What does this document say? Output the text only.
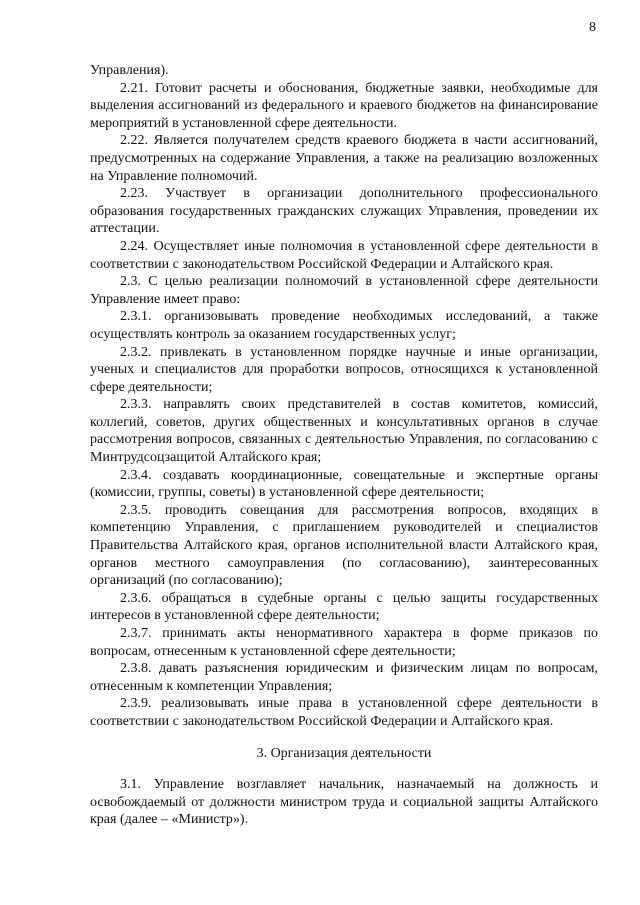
8

Управления).

2.21. Готовит расчеты и обоснования, бюджетные заявки, необходимые для выделения ассигнований из федерального и краевого бюджетов на финансирование мероприятий в установленной сфере деятельности.

2.22. Является получателем средств краевого бюджета в части ассигнований, предусмотренных на содержание Управления, а также на реализацию возложенных на Управление полномочий.

2.23. Участвует в организации дополнительного профессионального образования государственных гражданских служащих Управления, проведении их аттестации.

2.24. Осуществляет иные полномочия в установленной сфере деятельности в соответствии с законодательством Российской Федерации и Алтайского края.

2.3. С целью реализации полномочий в установленной сфере деятельности Управление имеет право:

2.3.1. организовывать проведение необходимых исследований, а также осуществлять контроль за оказанием государственных услуг;

2.3.2. привлекать в установленном порядке научные и иные организации, ученых и специалистов для проработки вопросов, относящихся к установленной сфере деятельности;

2.3.3. направлять своих представителей в состав комитетов, комиссий, коллегий, советов, других общественных и консультативных органов в случае рассмотрения вопросов, связанных с деятельностью Управления, по согласованию с Минтрудсоцзащитой Алтайского края;

2.3.4. создавать координационные, совещательные и экспертные органы (комиссии, группы, советы) в установленной сфере деятельности;

2.3.5. проводить совещания для рассмотрения вопросов, входящих в компетенцию Управления, с приглашением руководителей и специалистов Правительства Алтайского края, органов исполнительной власти Алтайского края, органов местного самоуправления (по согласованию), заинтересованных организаций (по согласованию);

2.3.6. обращаться в судебные органы с целью защиты государственных интересов в установленной сфере деятельности;

2.3.7. принимать акты ненормативного характера в форме приказов по вопросам, отнесенным к установленной сфере деятельности;

2.3.8. давать разъяснения юридическим и физическим лицам по вопросам, отнесенным к компетенции Управления;

2.3.9. реализовывать иные права в установленной сфере деятельности в соответствии с законодательством Российской Федерации и Алтайского края.

3. Организация деятельности

3.1. Управление возглавляет начальник, назначаемый на должность и освобождаемый от должности министром труда и социальной защиты Алтайского края (далее – «Министр»).
